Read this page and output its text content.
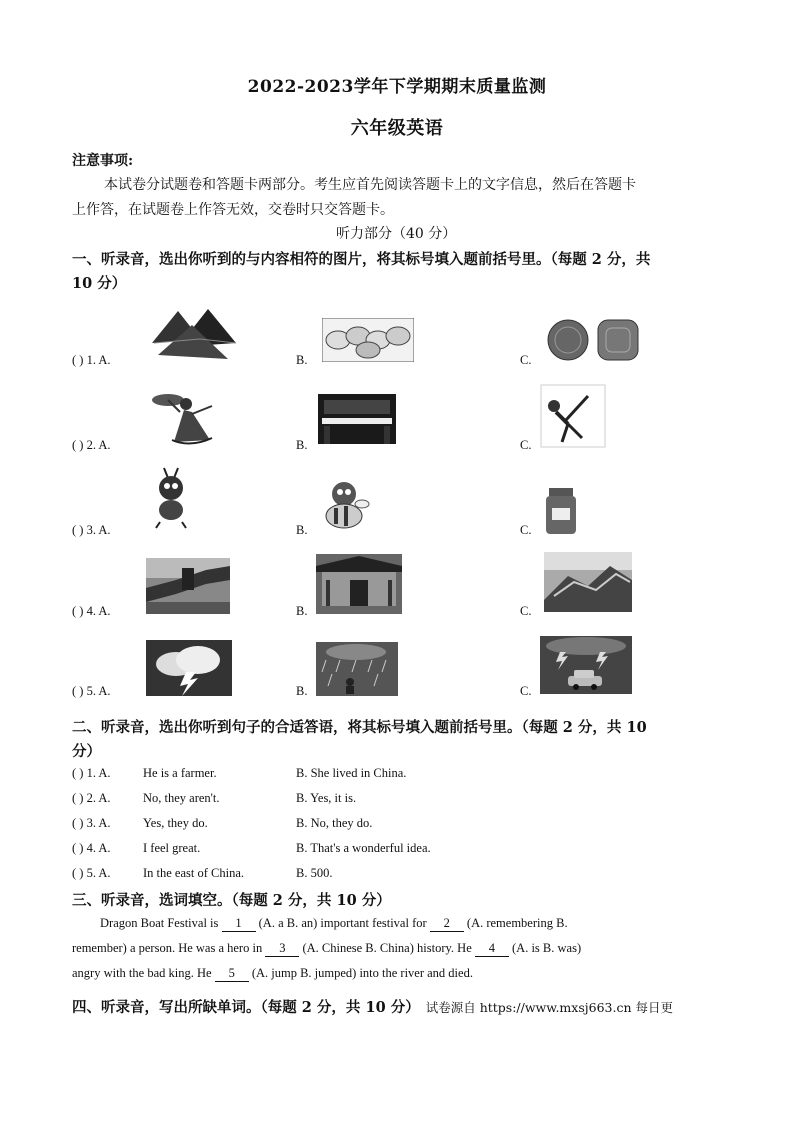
2022-2023学年下学期期末质量监测
六年级英语
注意事项:
本试卷分试题卷和答题卡两部分。考生应首先阅读答题卡上的文字信息，然后在答题卡
上作答，在试题卷上作答无效，交卷时只交答题卡。
听力部分（40 分）
一、听录音，选出你听到的与内容相符的图片，将其标号填入题前括号里。（每题 2 分，共
10 分）
( ) 1. A.	B.	C.
( ) 2. A.	B.	C.
( ) 3. A.	B.	C.
( ) 4. A.	B.	C.
( ) 5. A.	B.	C.
二、听录音，选出你听到句子的合适答语，将其标号填入题前括号里。（每题 2 分，共 10
分）
( ) 1. A.	He is a farmer.	B. She lived in China.
( ) 2. A.	No, they aren't.	B. Yes, it is.
( ) 3. A.	Yes, they do.	B. No, they do.
( ) 4. A.	I feel great.	B. That's a wonderful idea.
( ) 5. A.	In the east of China.	B. 500.
三、听录音，选词填空。（每题 2 分，共 10 分）
Dragon Boat Festival is 1 (A. a B. an) important festival for 2 (A. remembering B.
remember) a person. He was a hero in 3 (A. Chinese B. China) history. He 4 (A. is B. was)
angry with the bad king. He 5 (A. jump B. jumped) into the river and died.
四、听录音，写出所缺单词。（每题 2 分，共 10 分） 试卷源自 https://www.mxsj663.cn 每日更
